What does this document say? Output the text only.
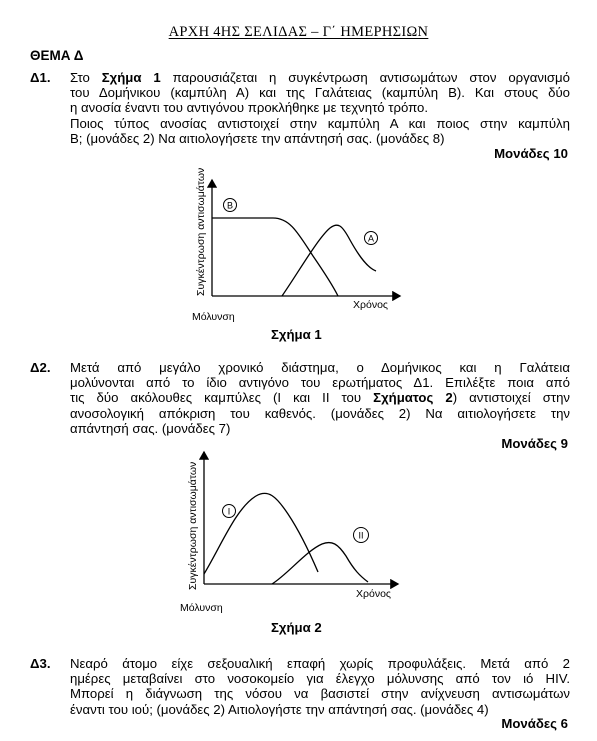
ΑΡΧΗ 4ΗΣ ΣΕΛΙΔΑΣ – Γ΄ ΗΜΕΡΗΣΙΩΝ
ΘΕΜΑ Δ
Δ1. Στο Σχήμα 1 παρουσιάζεται η συγκέντρωση αντισωμάτων στον οργανισμό
του Δομήνικου (καμπύλη Α) και της Γαλάτειας (καμπύλη Β). Και στους δύο
η ανοσία έναντι του αντιγόνου προκλήθηκε με τεχνητό τρόπο.
Ποιος τύπος ανοσίας αντιστοιχεί στην καμπύλη Α και ποιος στην καμπύλη
Β; (μονάδες 2) Να αιτιολογήσετε την απάντησή σας. (μονάδες 8)
Μονάδες 10
Συγκέντρωση αντισωμάτων
Χρόνος
Μόλυνση
B
A
Σχήμα 1
Δ2. Μετά από μεγάλο χρονικό διάστημα, ο Δομήνικος και η Γαλάτεια
μολύνονται από το ίδιο αντιγόνο του ερωτήματος Δ1. Επιλέξτε ποια από
τις δύο ακόλουθες καμπύλες (I και II του Σχήματος 2) αντιστοιχεί στην
ανοσολογική απόκριση του καθενός. (μονάδες 2) Να αιτιολογήσετε την
απάντησή σας. (μονάδες 7)
Μονάδες 9
Συγκέντρωση αντισωμάτων
Χρόνος
Μόλυνση
I
II
Σχήμα 2
Δ3. Νεαρό άτομο είχε σεξουαλική επαφή χωρίς προφυλάξεις. Μετά από 2
ημέρες μεταβαίνει στο νοσοκομείο για έλεγχο μόλυνσης από τον ιό HIV.
Μπορεί η διάγνωση της νόσου να βασιστεί στην ανίχνευση αντισωμάτων
έναντι του ιού; (μονάδες 2) Αιτιολογήστε την απάντησή σας. (μονάδες 4)
Μονάδες 6
